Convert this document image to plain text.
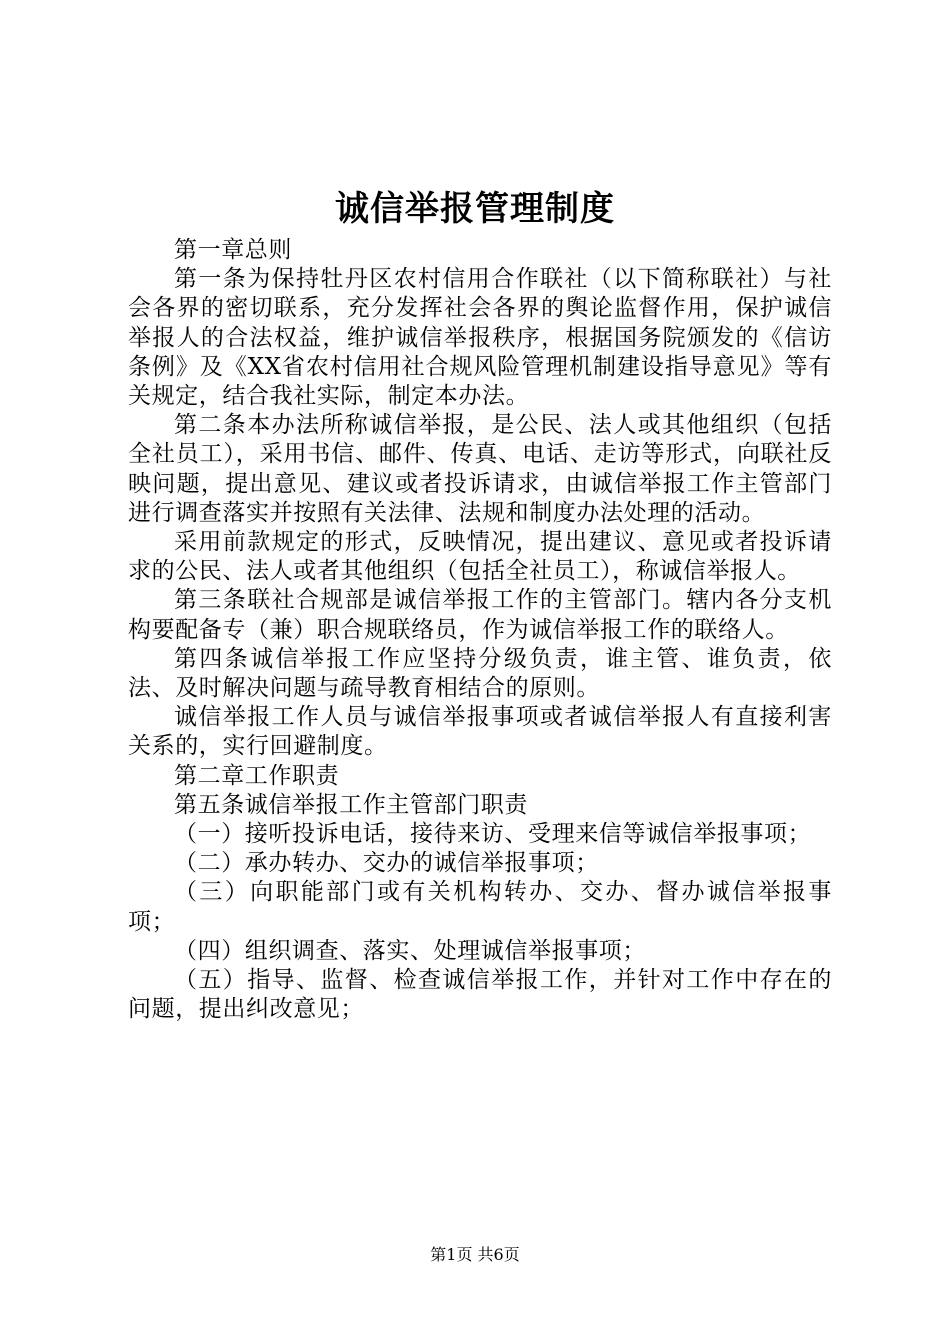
诚信举报管理制度

第一章总则

第一条为保持牡丹区农村信用合作联社（以下简称联社）与社会各界的密切联系，充分发挥社会各界的舆论监督作用，保护诚信举报人的合法权益，维护诚信举报秩序，根据国务院颁发的《信访条例》及《XX省农村信用社合规风险管理机制建设指导意见》等有关规定，结合我社实际，制定本办法。

第二条本办法所称诚信举报，是公民、法人或其他组织（包括全社员工），采用书信、邮件、传真、电话、走访等形式，向联社反映问题，提出意见、建议或者投诉请求，由诚信举报工作主管部门进行调查落实并按照有关法律、法规和制度办法处理的活动。

采用前款规定的形式，反映情况，提出建议、意见或者投诉请求的公民、法人或者其他组织（包括全社员工），称诚信举报人。

第三条联社合规部是诚信举报工作的主管部门。辖内各分支机构要配备专（兼）职合规联络员，作为诚信举报工作的联络人。

第四条诚信举报工作应坚持分级负责，谁主管、谁负责，依法、及时解决问题与疏导教育相结合的原则。

诚信举报工作人员与诚信举报事项或者诚信举报人有直接利害关系的，实行回避制度。

第二章工作职责

第五条诚信举报工作主管部门职责

（一）接听投诉电话，接待来访、受理来信等诚信举报事项；

（二）承办转办、交办的诚信举报事项；

（三）向职能部门或有关机构转办、交办、督办诚信举报事项；

（四）组织调查、落实、处理诚信举报事项；

（五）指导、监督、检查诚信举报工作，并针对工作中存在的问题，提出纠改意见；

第1页 共6页
